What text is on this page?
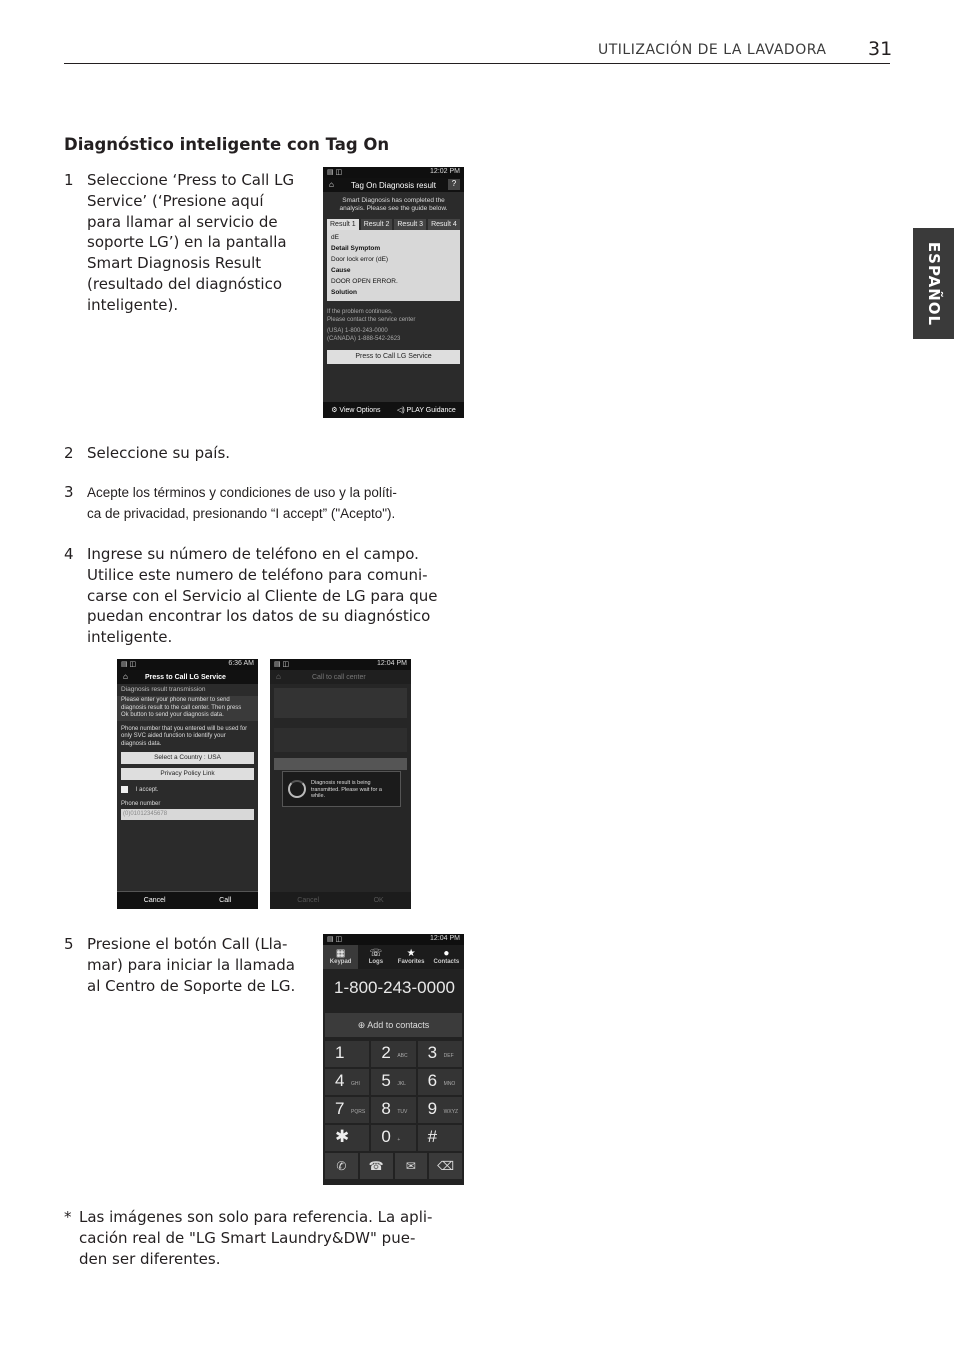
UTILIZACIÓN DE LA LAVADORA 31
ESPAÑOL
Diagnóstico inteligente con Tag On
1 Seleccione ‘Press to Call LG
Service’ (‘Presione aquí
para llamar al servicio de
soporte LG’) en la pantalla
Smart Diagnosis Result
(resultado del diagnóstico
inteligente).
▤ ◫	12:02 PM
⌂ Tag On Diagnosis result	?
Smart Diagnosis has completed the
analysis. Please see the guide below.
Result 1	Result 2	Result 3	Result 4
dE
Detail Symptom
Door lock error (dE)
Cause
DOOR OPEN ERROR.
Solution
If the problem continues,
Please contact the service center
(USA) 1-800-243-0000
(CANADA) 1-888-542-2623
Press to Call LG Service
⚙ View Options ◁) PLAY Guidance
2 Seleccione su país.
3 Acepte los términos y condiciones de uso y la políti-
ca de privacidad, presionando “I accept” ("Acepto").
4 Ingrese su número de teléfono en el campo.
Utilice este numero de teléfono para comuni-
carse con el Servicio al Cliente de LG para que
puedan encontrar los datos de su diagnóstico
inteligente.
▤ ◫	6:36 AM
⌂ Press to Call LG Service
Diagnosis result transmission
Please enter your phone number to send
diagnosis result to the call center. Then press
Ok button to send your diagnosis data.
Phone number that you entered will be used for
only SVC aided function to identify your
diagnosis data.
Select a Country : USA
Privacy Policy Link
I accept.
Phone number
(0)01012345678
Cancel	Call
▤ ◫	12:04 PM
⌂	Call to call center
Diagnosis result is being
transmitted. Please wait for a
while.
Cancel	OK
5 Presione el botón Call (Lla-
mar) para iniciar la llamada
al Centro de Soporte de LG.
▤ ◫	12:04 PM
▦
Keypad
☏
Logs
★
Favorites
●
Contacts
1-800-243-0000
⊕ Add to contacts
1 2 ABC 3 DEF
4 GHI 5 JKL 6 MNO
7 PQRS 8 TUV 9 WXYZ
✱ 0 + #
✆	☎	✉	⌫
* Las imágenes son solo para referencia. La apli-
cación real de "LG Smart Laundry&DW" pue-
den ser diferentes.
